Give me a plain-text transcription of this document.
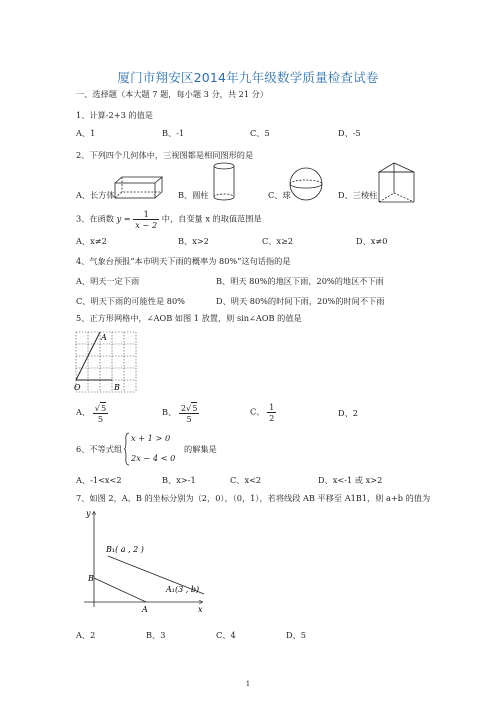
厦门市翔安区2014年九年级数学质量检查试卷
一、选择题（本大题 7 题，每小题 3 分，共 21 分）
1、计算-2+3 的值是
A、1	B、-1	C、5	D、-5
2、下列四个几何体中，三视图都是相同图形的是
A、长方体	B、圆柱	C、球	D、三棱柱
3、在函数 $y = \frac{1}{x - 2}$ 中，自变量 x 的取值范围是
A、x≠2	B、x>2	C、x≥2	D、x≠0
4、气象台预报“本市明天下雨的概率为 80%”这句话指的是
A、明天一定下雨	B、明天 80%的地区下雨，20%的地区不下雨
C、明天下雨的可能性是 80%	D、明天 80%的时间下雨，20%的时间不下雨
5、正方形网格中，∠AOB 如图 1 放置，则 sin∠AOB 的值是
A
O	B
A、 $\frac{√5}{5}$	B、 $\frac{2√5}{5}$	C、 $\frac{1}{2}$	D、2
6、不等式组
x + 1 > 0
2x − 4 < 0
的解集是
A、-1<x<2	B、x>-1	C、x<2	D、x<-1 或 x>2
7、如图 2，A、B 的坐标分别为（2，0），（0，1），若将线段 AB 平移至 A1B1，则 a+b 的值为
y
x
B
A
B₁( a , 2 )
A₁(3 , b)
A、2	B、3	C、4	D、5
1
